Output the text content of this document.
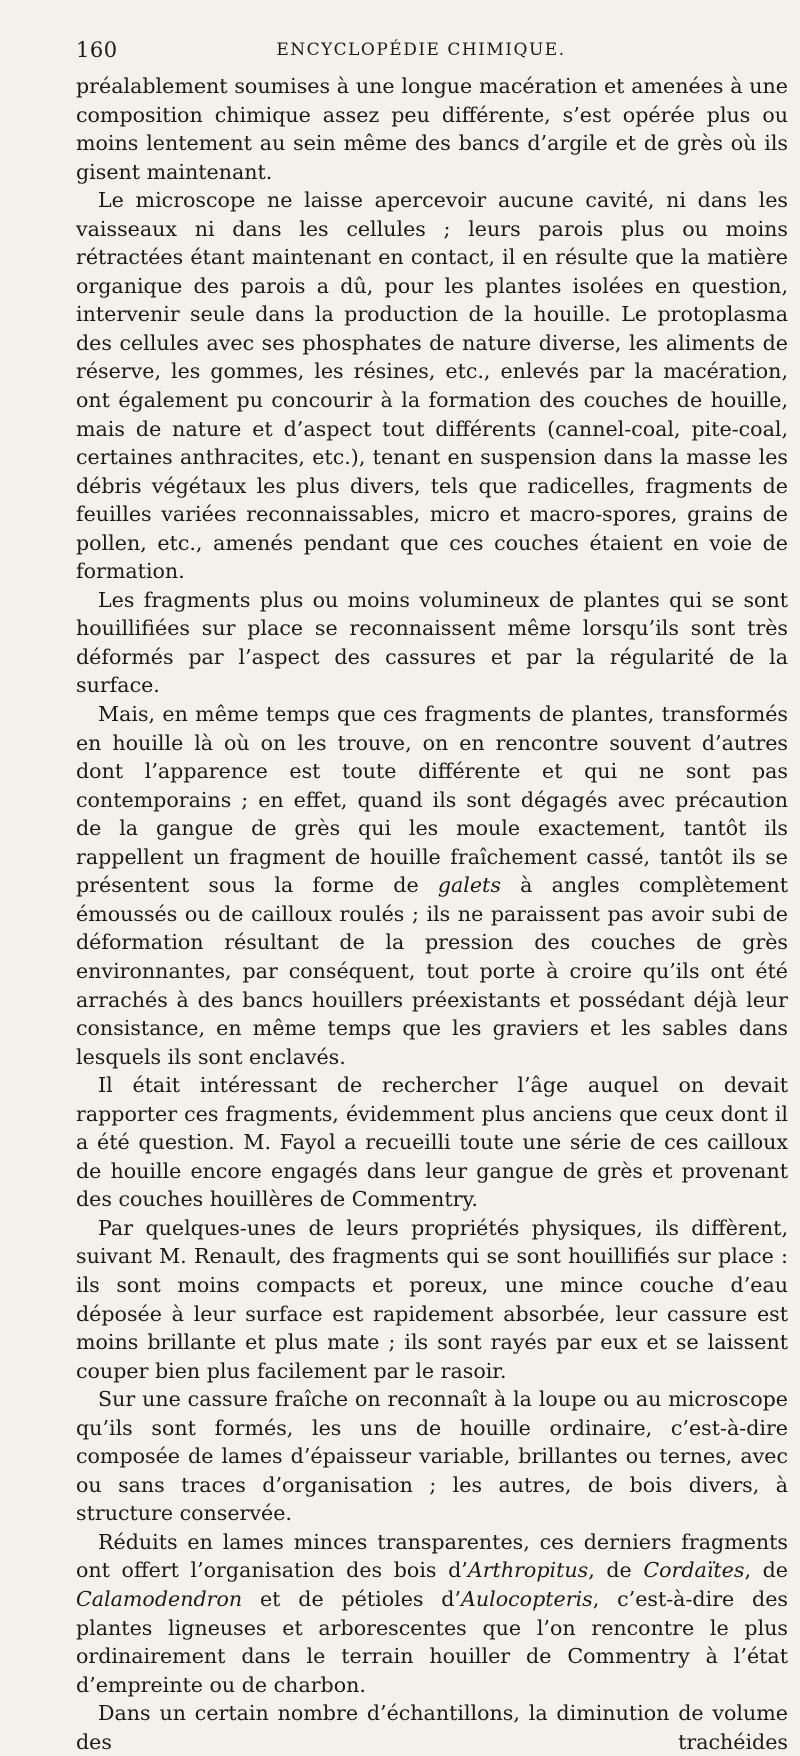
160	ENCYCLOPÉDIE CHIMIQUE.

préalablement soumises à une longue macération et amenées à une composition chimique assez peu différente, s’est opérée plus ou moins lentement au sein même des bancs d’argile et de grès où ils gisent maintenant.

Le microscope ne laisse apercevoir aucune cavité, ni dans les vaisseaux ni dans les cellules ; leurs parois plus ou moins rétractées étant maintenant en contact, il en résulte que la matière organique des parois a dû, pour les plantes isolées en question, intervenir seule dans la production de la houille. Le protoplasma des cellules avec ses phosphates de nature diverse, les aliments de réserve, les gommes, les résines, etc., enlevés par la macération, ont également pu concourir à la formation des couches de houille, mais de nature et d’aspect tout différents (cannel-coal, pite-coal, certaines anthracites, etc.), tenant en suspension dans la masse les débris végétaux les plus divers, tels que radicelles, fragments de feuilles variées reconnaissables, micro et macro-spores, grains de pollen, etc., amenés pendant que ces couches étaient en voie de formation.

Les fragments plus ou moins volumineux de plantes qui se sont houillifiées sur place se reconnaissent même lorsqu’ils sont très déformés par l’aspect des cassures et par la régularité de la surface.

Mais, en même temps que ces fragments de plantes, transformés en houille là où on les trouve, on en rencontre souvent d’autres dont l’apparence est toute différente et qui ne sont pas contemporains ; en effet, quand ils sont dégagés avec précaution de la gangue de grès qui les moule exactement, tantôt ils rappellent un fragment de houille fraîchement cassé, tantôt ils se présentent sous la forme de galets à angles complètement émoussés ou de cailloux roulés ; ils ne paraissent pas avoir subi de déformation résultant de la pression des couches de grès environnantes, par conséquent, tout porte à croire qu’ils ont été arrachés à des bancs houillers préexistants et possédant déjà leur consistance, en même temps que les graviers et les sables dans lesquels ils sont enclavés.

Il était intéressant de rechercher l’âge auquel on devait rapporter ces fragments, évidemment plus anciens que ceux dont il a été question. M. Fayol a recueilli toute une série de ces cailloux de houille encore engagés dans leur gangue de grès et provenant des couches houillères de Commentry.

Par quelques-unes de leurs propriétés physiques, ils diffèrent, suivant M. Renault, des fragments qui se sont houillifiés sur place : ils sont moins compacts et poreux, une mince couche d’eau déposée à leur surface est rapidement absorbée, leur cassure est moins brillante et plus mate ; ils sont rayés par eux et se laissent couper bien plus facilement par le rasoir.

Sur une cassure fraîche on reconnaît à la loupe ou au microscope qu’ils sont formés, les uns de houille ordinaire, c’est-à-dire composée de lames d’épaisseur variable, brillantes ou ternes, avec ou sans traces d’organisation ; les autres, de bois divers, à structure conservée.

Réduits en lames minces transparentes, ces derniers fragments ont offert l’organisation des bois d’Arthropitus, de Cordaïtes, de Calamodendron et de pétioles d’Aulocopteris, c’est-à-dire des plantes ligneuses et arborescentes que l’on rencontre le plus ordinairement dans le terrain houiller de Commentry à l’état d’empreinte ou de charbon.

Dans un certain nombre d’échantillons, la diminution de volume des trachéides
